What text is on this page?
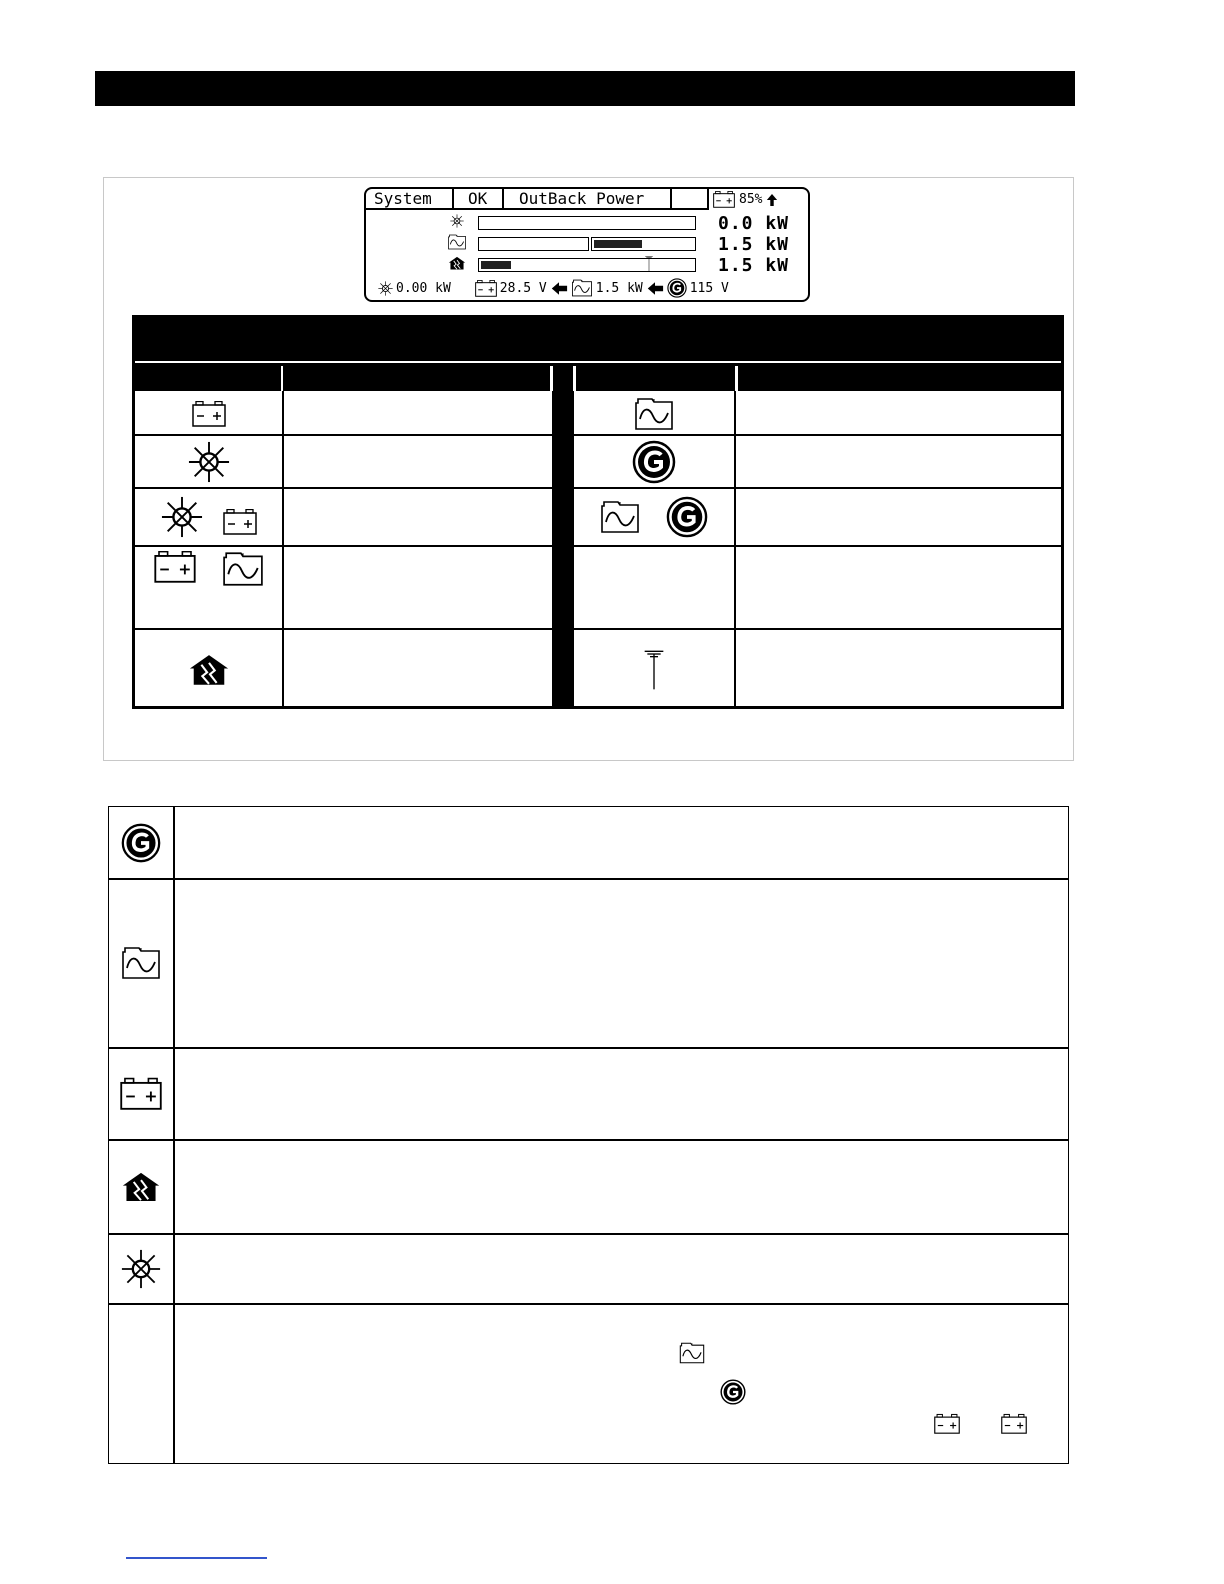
System	OK	OutBack Power	85%
0.0 kW
1.5 kW
1.5 kW
0.00 kW	28.5 V	1.5 kW	115 V
